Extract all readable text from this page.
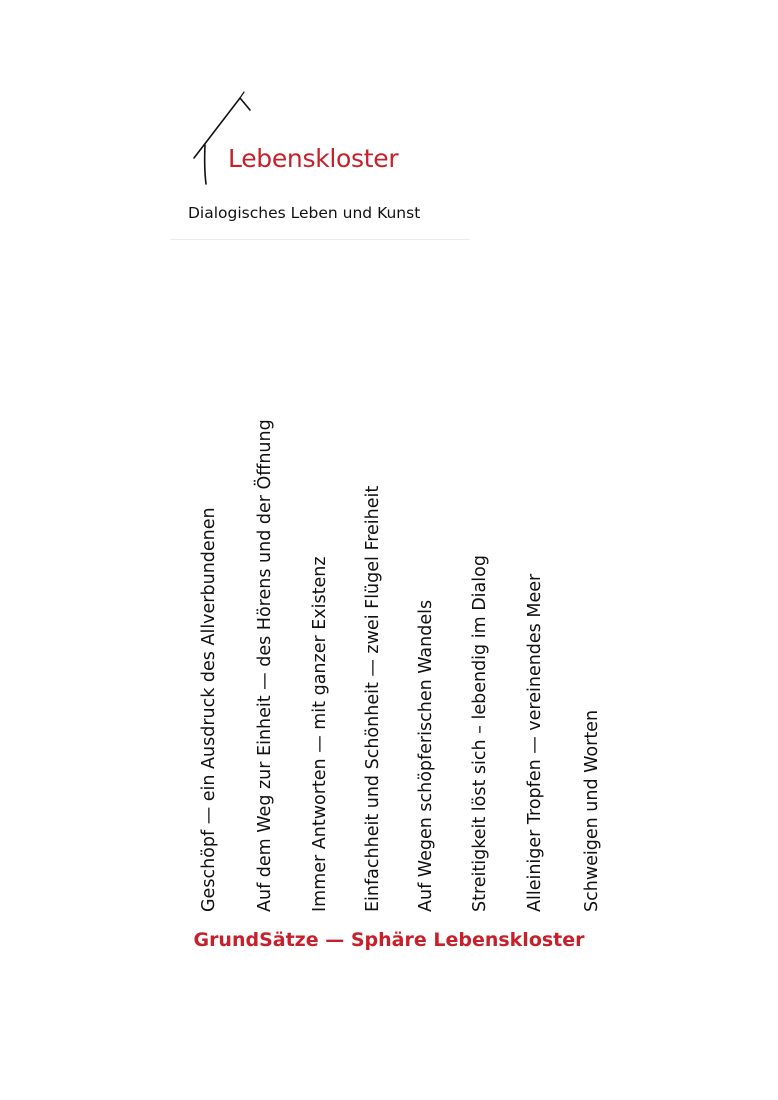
Lebenskloster
Dialogisches Leben und Kunst
Geschöpf — ein Ausdruck des Allverbundenen Auf dem Weg zur Einheit — des Hörens und der Öffnung Immer Antworten — mit ganzer Existenz Einfachheit und Schönheit — zwei Flügel Freiheit Auf Wegen schöpferischen Wandels Streitigkeit löst sich – lebendig im Dialog Alleiniger Tropfen — vereinendes Meer Schweigen und Worten
GrundSätze — Sphäre Lebenskloster
